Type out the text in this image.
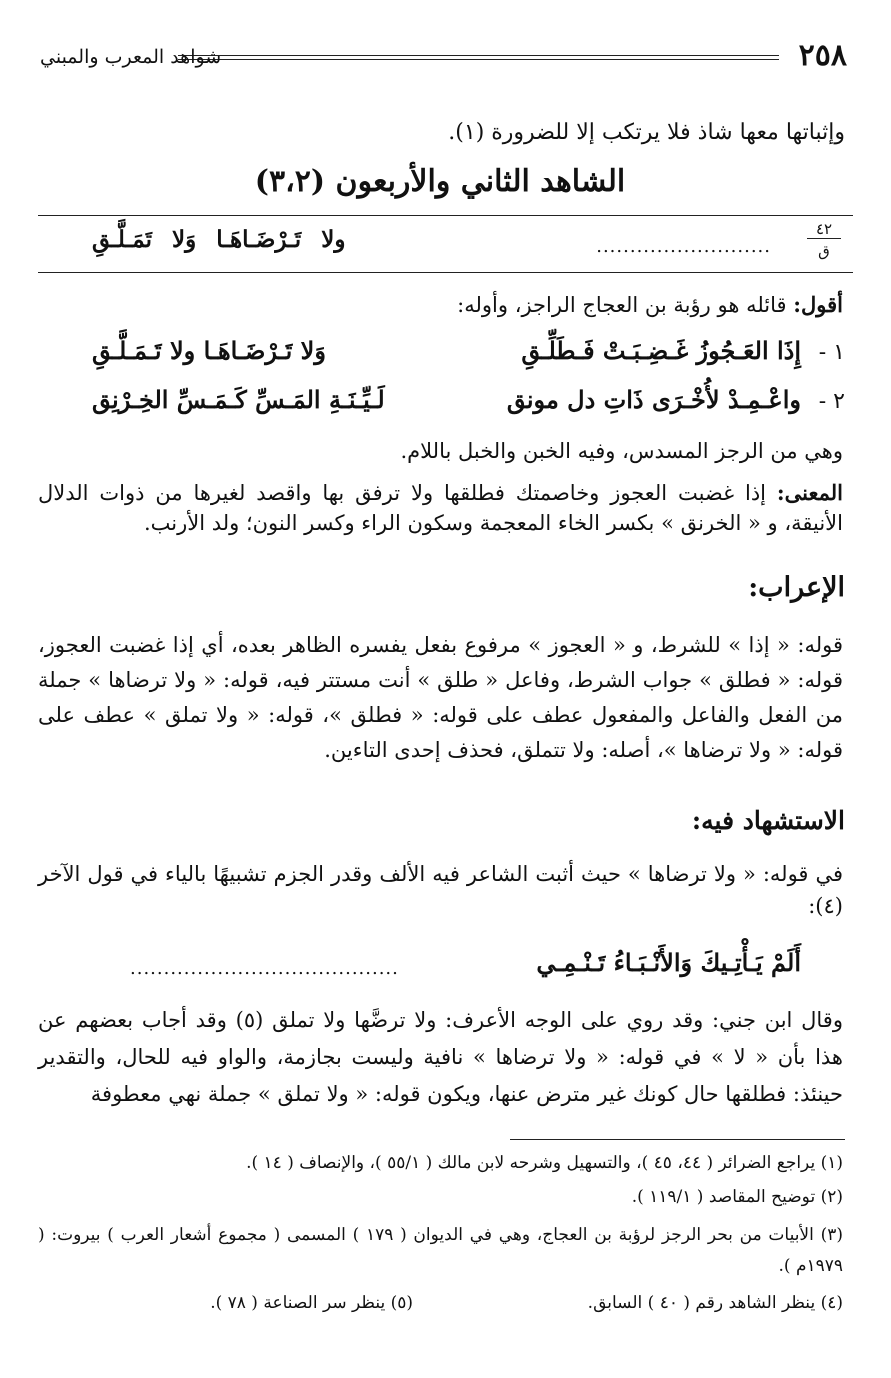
٢٥٨
شواهد المعرب والمبني
وإثباتها معها شاذ فلا يرتكب إلا للضرورة (١).
الشاهد الثاني والأربعون (٣،٢)
٤٢
ق
..........................
ولا تَـرْضَـاهَـا وَلا تَمَـلَّـقِ
أقول: قائله هو رؤبة بن العجاج الراجز، وأوله:
١ -
إِذَا العَـجُوزُ غَـضِـبَـتْ فَـطَلِّـقِ
وَلا تَـرْضَـاهَـا ولا تَـمَـلَّـقِ
٢ -
واعْـمِـدْ لأُخْـرَى ذَاتِ دل مونق
لَـيِّـنَـةِ المَـسِّ كَـمَـسِّ الخِـرْنِق
وهي من الرجز المسدس، وفيه الخبن والخبل باللام.
المعنى: إذا غضبت العجوز وخاصمتك فطلقها ولا ترفق بها واقصد لغيرها من ذوات الدلال الأنيقة، و « الخرنق » بكسر الخاء المعجمة وسكون الراء وكسر النون؛ ولد الأرنب.
الإعراب:
قوله: « إذا » للشرط، و « العجوز » مرفوع بفعل يفسره الظاهر بعده، أي إذا غضبت العجوز، قوله: « فطلق » جواب الشرط، وفاعل « طلق » أنت مستتر فيه، قوله: « ولا ترضاها » جملة من الفعل والفاعل والمفعول عطف على قوله: « فطلق »، قوله: « ولا تملق » عطف على قوله: « ولا ترضاها »، أصله: ولا تتملق، فحذف إحدى التاءين.
الاستشهاد فيه:
في قوله: « ولا ترضاها » حيث أثبت الشاعر فيه الألف وقدر الجزم تشبيهًا بالياء في قول الآخر (٤):
أَلَمْ يَـأْتِـيكَ وَالأَنْـبَـاءُ تَـنْـمِـي
........................................
وقال ابن جني: وقد روي على الوجه الأعرف: ولا ترضَّها ولا تملق (٥) وقد أجاب بعضهم عن هذا بأن « لا » في قوله: « ولا ترضاها » نافية وليست بجازمة، والواو فيه للحال، والتقدير حينئذ: فطلقها حال كونك غير مترض عنها، ويكون قوله: « ولا تملق » جملة نهي معطوفة
(١) يراجع الضرائر ( ٤٤، ٤٥ )، والتسهيل وشرحه لابن مالك ( ٥٥/١ )، والإنصاف ( ١٤ ).
(٢) توضيح المقاصد ( ١١٩/١ ).
(٣) الأبيات من بحر الرجز لرؤبة بن العجاج، وهي في الديوان ( ١٧٩ ) المسمى ( مجموع أشعار العرب ) بيروت: ( ١٩٧٩م ).
(٤) ينظر الشاهد رقم ( ٤٠ ) السابق.
(٥) ينظر سر الصناعة ( ٧٨ ).
